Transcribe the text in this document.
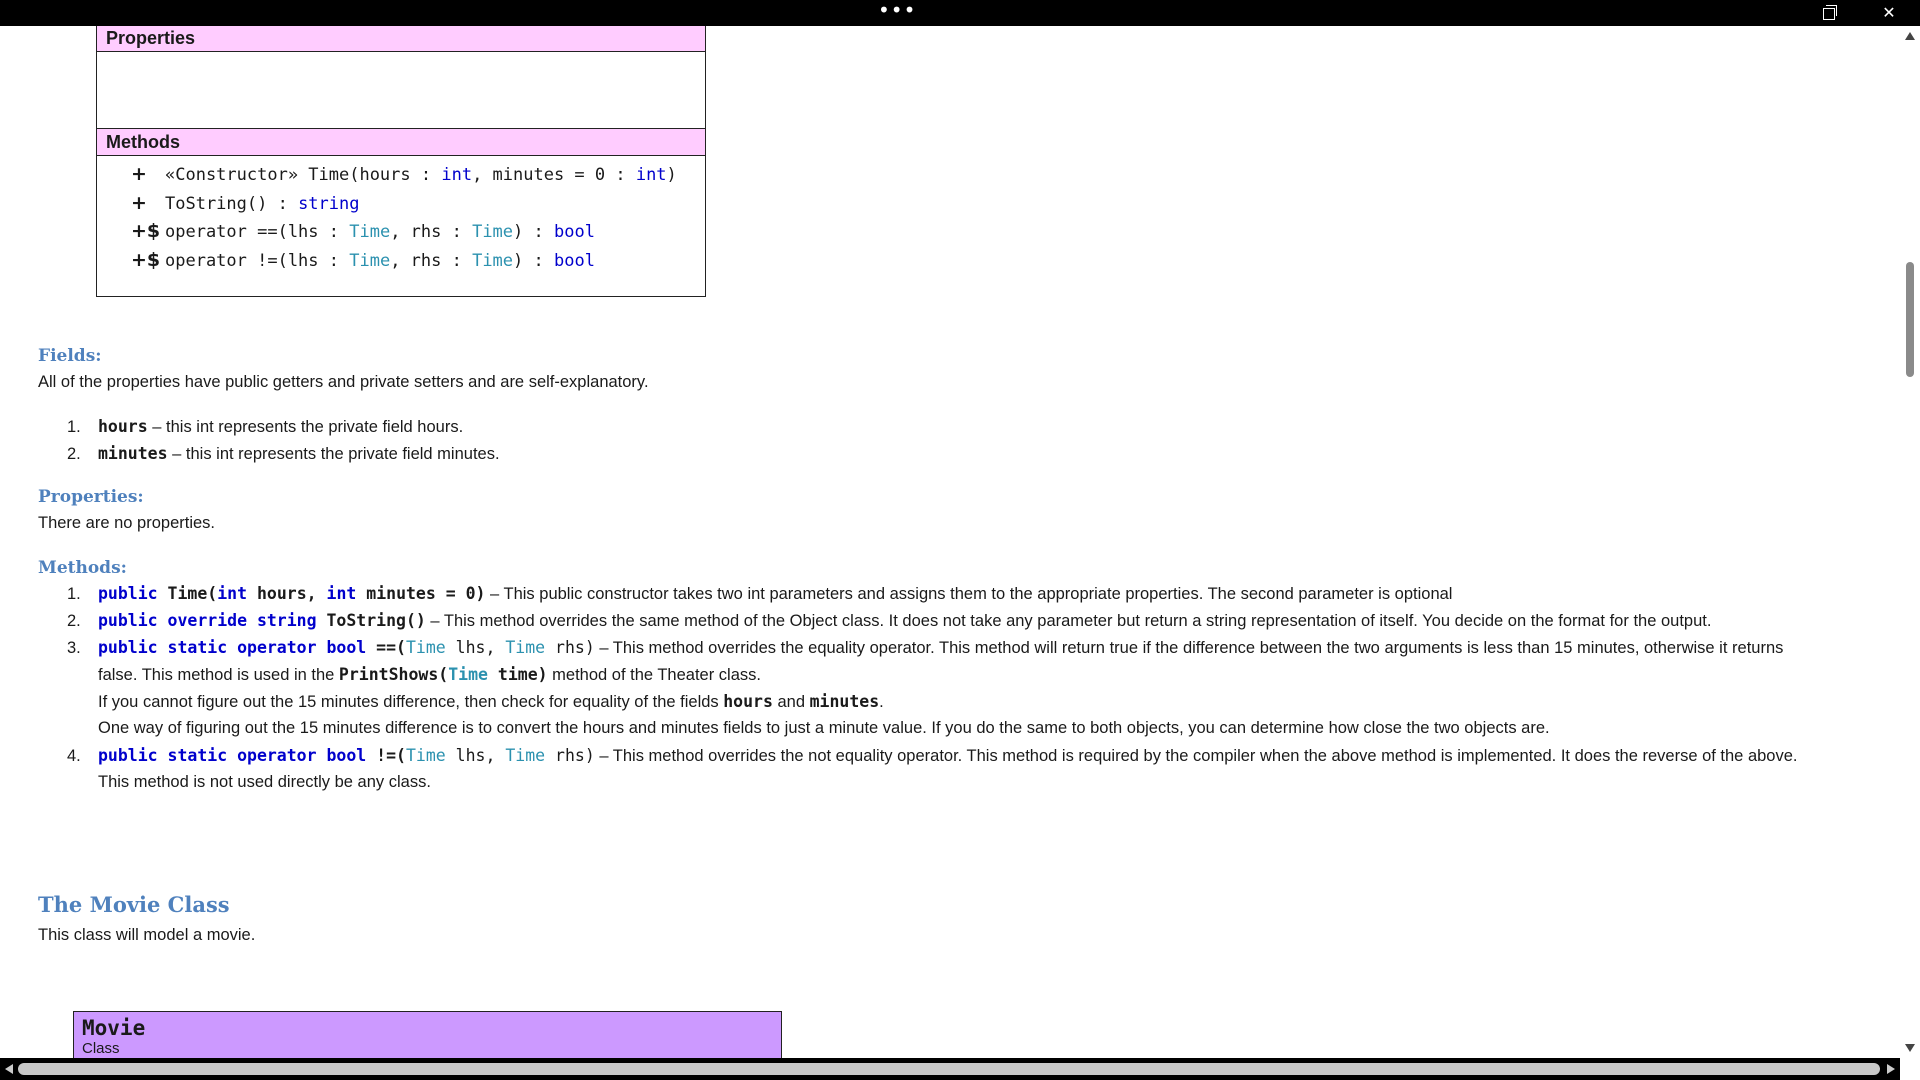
•••	✕
Properties
Methods
+ «Constructor» Time(hours : int, minutes = 0 : int)
+ ToString() : string
+$ operator ==(lhs : Time, rhs : Time) : bool
+$ operator !=(lhs : Time, rhs : Time) : bool
Fields:
All of the properties have public getters and private setters and are self-explanatory.
1. hours – this int represents the private field hours.
2. minutes – this int represents the private field minutes.
Properties:
There are no properties.
Methods:
1. public Time(int hours, int minutes = 0) – This public constructor takes two int parameters and assigns them to the appropriate properties. The second parameter is optional
2. public override string ToString() – This method overrides the same method of the Object class. It does not take any parameter but return a string representation of itself. You decide on the format for the output.
3. public static operator bool ==(Time lhs, Time rhs) – This method overrides the equality operator. This method will return true if the difference between the two arguments is less than 15 minutes, otherwise it returns
false. This method is used in the PrintShows(Time time) method of the Theater class.
If you cannot figure out the 15 minutes difference, then check for equality of the fields hours and minutes.
One way of figuring out the 15 minutes difference is to convert the hours and minutes fields to just a minute value. If you do the same to both objects, you can determine how close the two objects are.
4. public static operator bool !=(Time lhs, Time rhs) – This method overrides the not equality operator. This method is required by the compiler when the above method is implemented. It does the reverse of the above.
This method is not used directly be any class.
The Movie Class
This class will model a movie.
Movie
Class
